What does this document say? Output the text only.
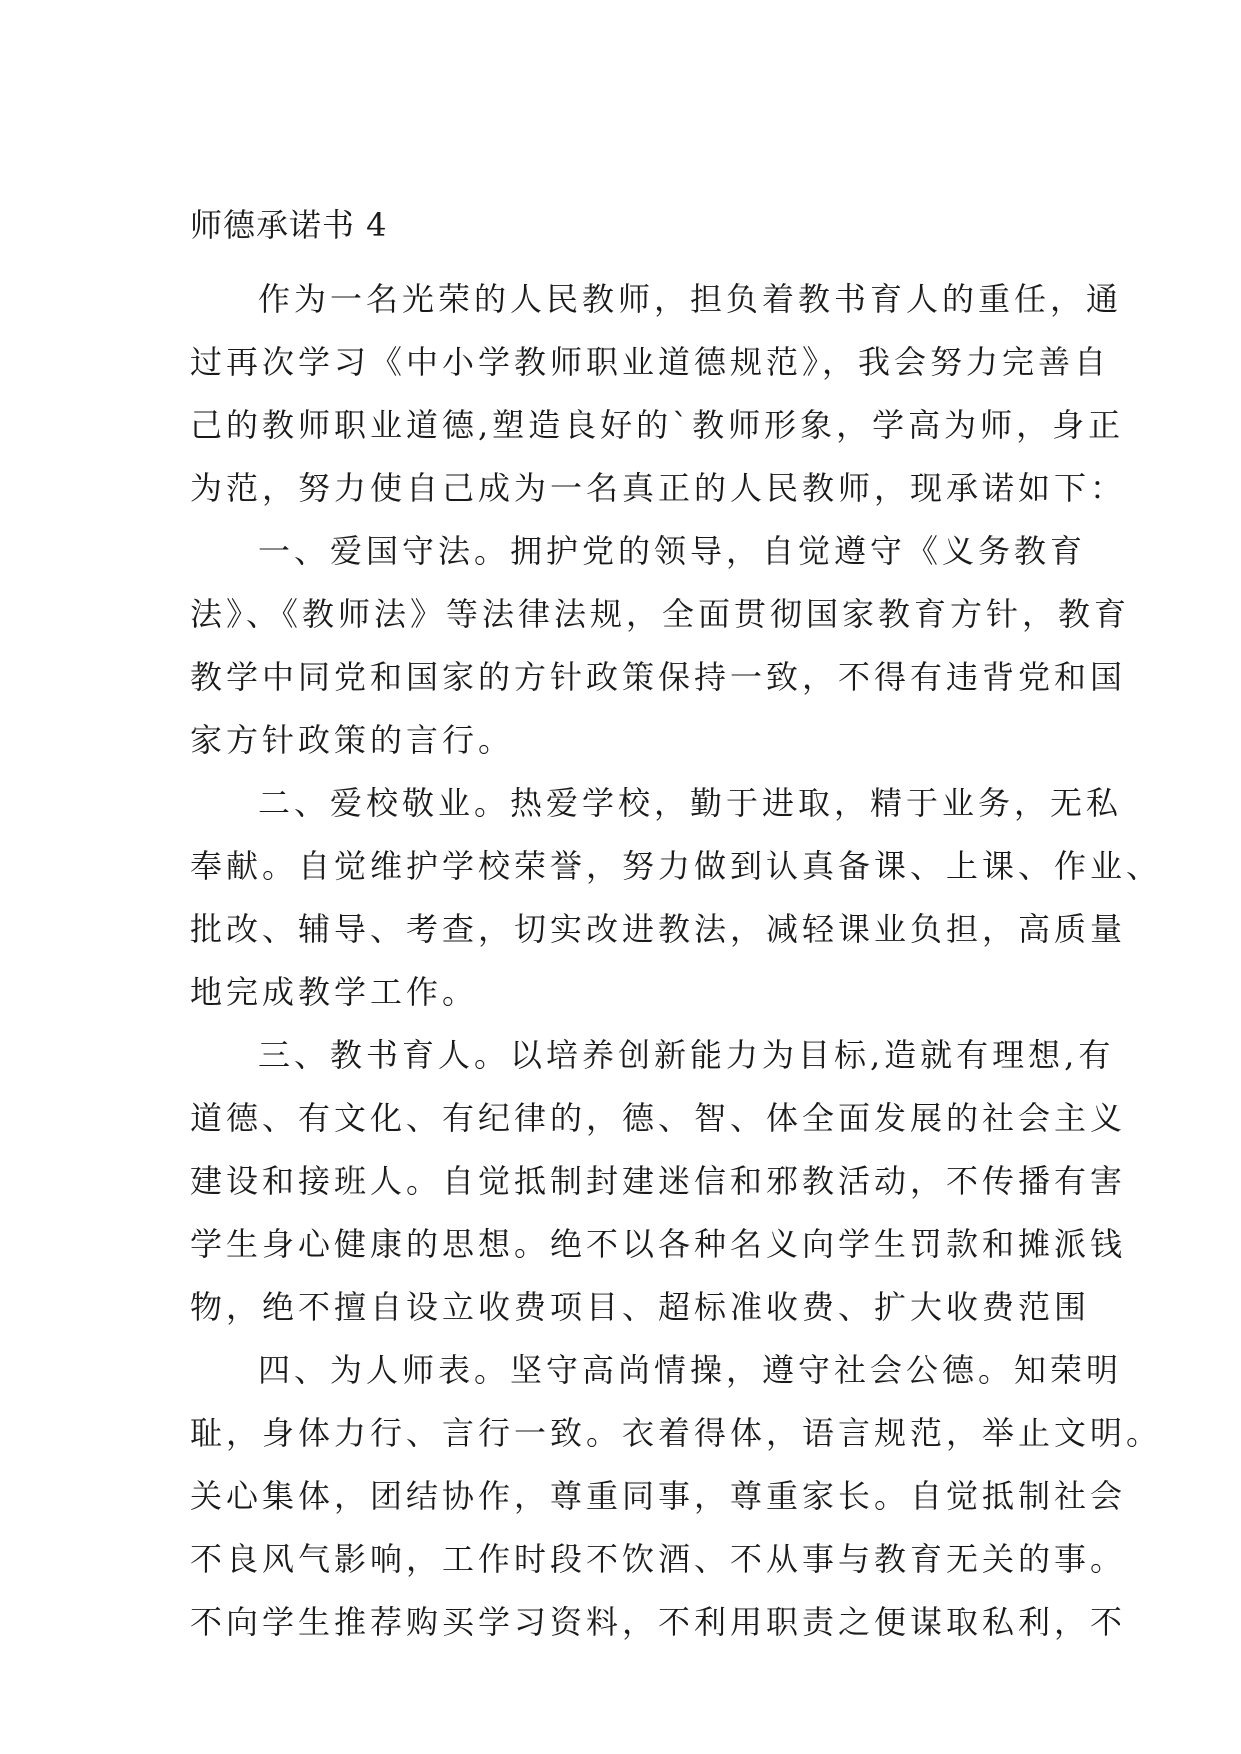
师德承诺书 4
作为一名光荣的人民教师，担负着教书育人的重任，通
过再次学习《中小学教师职业道德规范》，我会努力完善自
己的教师职业道德,塑造良好的`教师形象，学高为师，身正
为范，努力使自己成为一名真正的人民教师，现承诺如下：
一、爱国守法。拥护党的领导，自觉遵守《义务教育
法》、《教师法》等法律法规，全面贯彻国家教育方针，教育
教学中同党和国家的方针政策保持一致，不得有违背党和国
家方针政策的言行。
二、爱校敬业。热爱学校，勤于进取，精于业务，无私
奉献。自觉维护学校荣誉，努力做到认真备课、上课、作业、
批改、辅导、考查，切实改进教法，减轻课业负担，高质量
地完成教学工作。
三、教书育人。以培养创新能力为目标,造就有理想,有
道德、有文化、有纪律的，德、智、体全面发展的社会主义
建设和接班人。自觉抵制封建迷信和邪教活动，不传播有害
学生身心健康的思想。绝不以各种名义向学生罚款和摊派钱
物，绝不擅自设立收费项目、超标准收费、扩大收费范围
四、为人师表。坚守高尚情操，遵守社会公德。知荣明
耻，身体力行、言行一致。衣着得体，语言规范，举止文明。
关心集体，团结协作，尊重同事，尊重家长。自觉抵制社会
不良风气影响，工作时段不饮酒、不从事与教育无关的事。
不向学生推荐购买学习资料，不利用职责之便谋取私利，不
